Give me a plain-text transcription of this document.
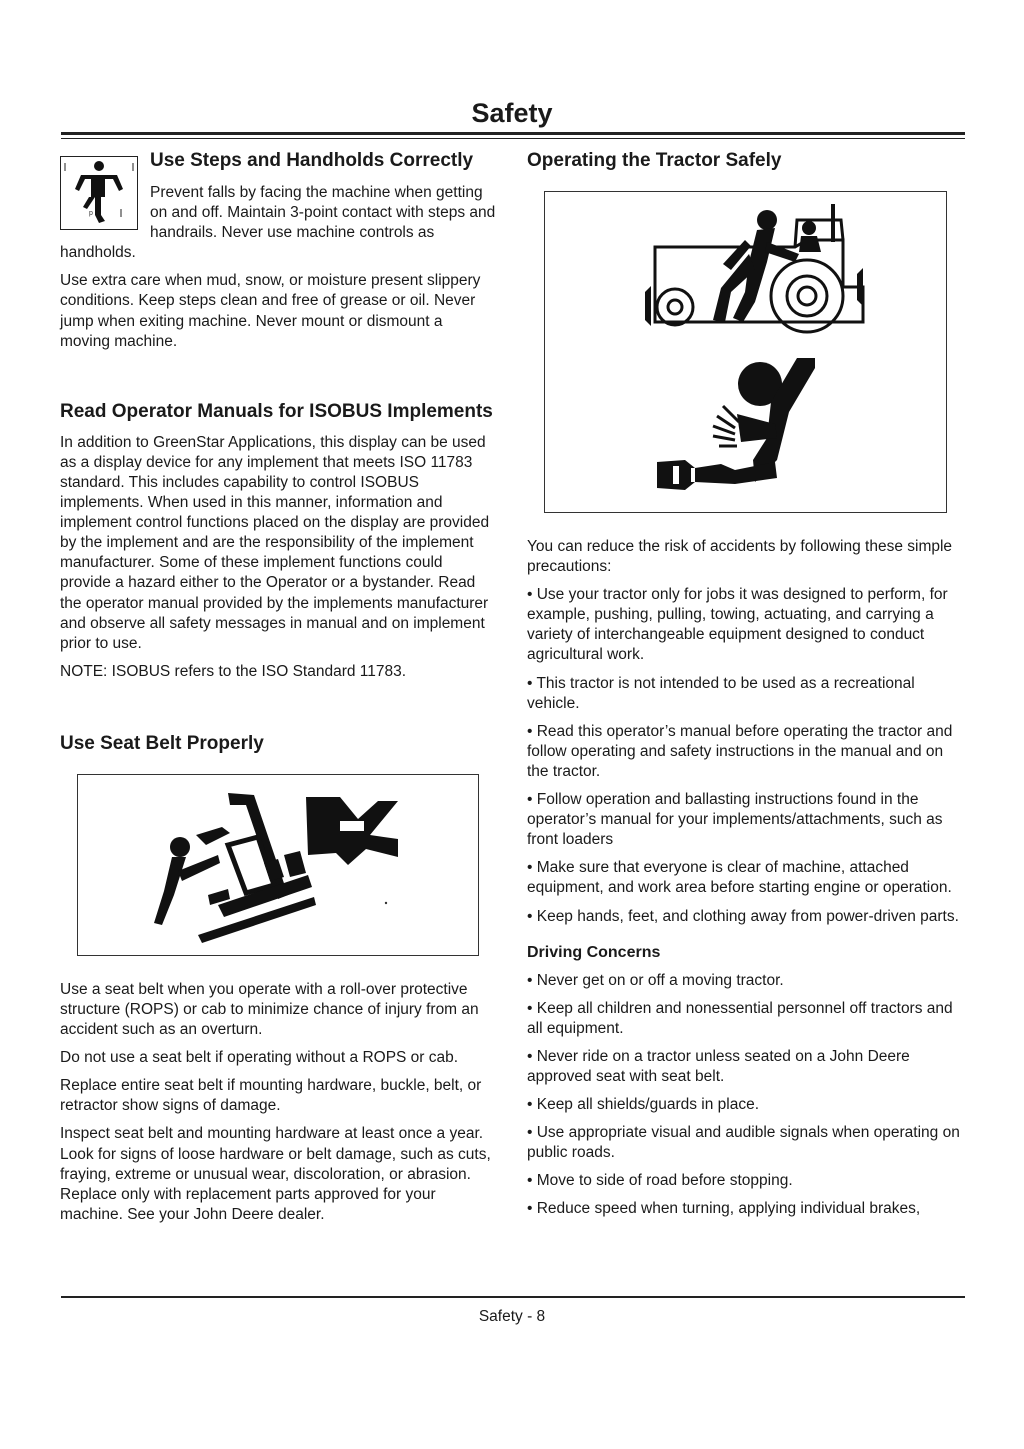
Safety
p
Use Steps and Handholds Correctly

Prevent falls by facing the machine when getting on and off. Maintain 3-point contact with steps and handrails. Never use machine controls as handholds.

Use extra care when mud, snow, or moisture present slippery conditions. Keep steps clean and free of grease or oil. Never jump when exiting machine. Never mount or dismount a moving machine.

Read Operator Manuals for ISOBUS Implements

In addition to GreenStar Applications, this display can be used as a display device for any implement that meets ISO 11783 standard. This includes capability to control ISOBUS implements. When used in this manner, information and implement control functions placed on the display are provided by the implement and are the responsibility of the implement manufacturer. Some of these implement functions could provide a hazard either to the Operator or a bystander. Read the operator manual provided by the implements manufacturer and observe all safety messages in manual and on implement prior to use.

NOTE: ISOBUS refers to the ISO Standard 11783.

Use Seat Belt Properly

Use a seat belt when you operate with a roll-over protective structure (ROPS) or cab to minimize chance of injury from an accident such as an overturn.

Do not use a seat belt if operating without a ROPS or cab.

Replace entire seat belt if mounting hardware, buckle, belt, or retractor show signs of damage.

Inspect seat belt and mounting hardware at least once a year. Look for signs of loose hardware or belt damage, such as cuts, fraying, extreme or unusual wear, discoloration, or abrasion. Replace only with replacement parts approved for your machine. See your John Deere dealer.

Operating the Tractor Safely

You can reduce the risk of accidents by following these simple precautions:

• Use your tractor only for jobs it was designed to perform, for example, pushing, pulling, towing, actuating, and carrying a variety of interchangeable equipment designed to conduct agricultural work.

• This tractor is not intended to be used as a recreational vehicle.

• Read this operator’s manual before operating the tractor and follow operating and safety instructions in the manual and on the tractor.

• Follow operation and ballasting instructions found in the operator’s manual for your implements/attachments, such as front loaders

• Make sure that everyone is clear of machine, attached equipment, and work area before starting engine or operation.

• Keep hands, feet, and clothing away from power-driven parts.

Driving Concerns

• Never get on or off a moving tractor.

• Keep all children and nonessential personnel off tractors and all equipment.

• Never ride on a tractor unless seated on a John Deere approved seat with seat belt.

• Keep all shields/guards in place.

• Use appropriate visual and audible signals when operating on public roads.

• Move to side of road before stopping.

• Reduce speed when turning, applying individual brakes,

Safety - 8
